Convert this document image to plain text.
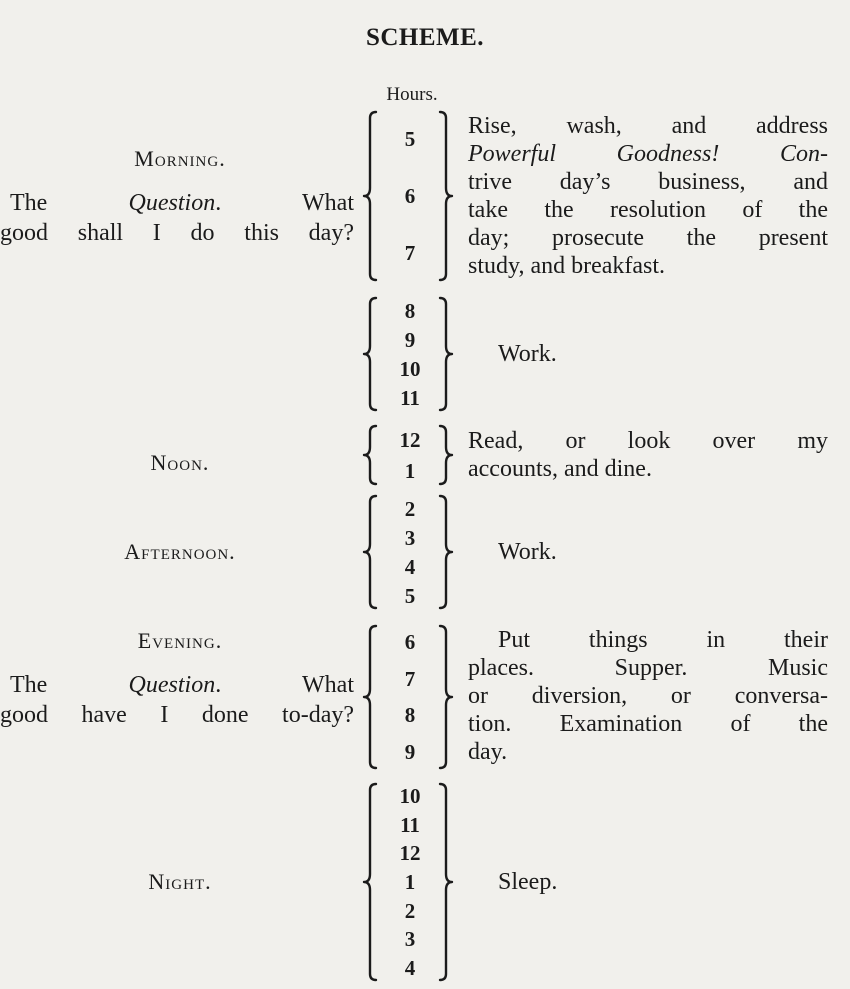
SCHEME.
Hours.
Morning.
The Question. What
good shall I do this day?
5
6
7
Rise, wash, and address
Powerful Goodness! Con-
trive day’s business, and
take the resolution of the
day; prosecute the present
study, and breakfast.
8
9
10
11
Work.
Noon.
12
1
Read, or look over my
accounts, and dine.
Afternoon.
2
3
4
5
Work.
Evening.
The Question. What
good have I done to-day?
6
7
8
9
Put things in their
places. Supper. Music
or diversion, or conversa-
tion. Examination of the
day.
Night.
10
11
12
1
2
3
4
Sleep.
